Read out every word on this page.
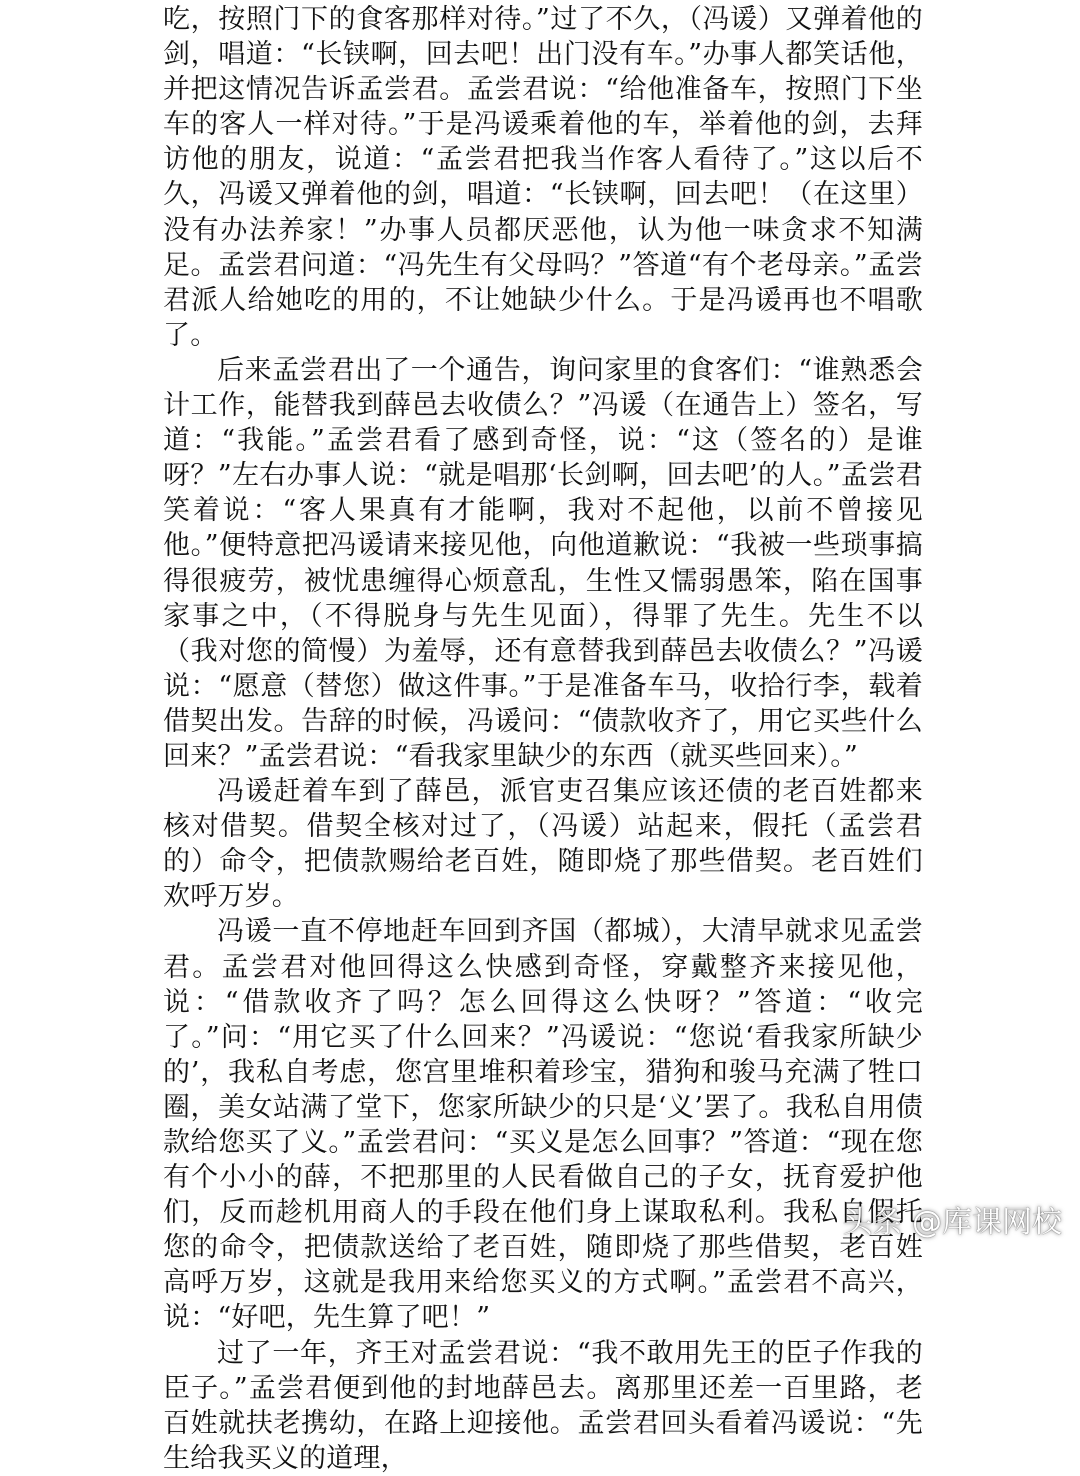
吃，按照门下的食客那样对待。”过了不久，（冯谖）又弹着他的剑，唱道：“长铗啊，回去吧！出门没有车。”办事人都笑话他，并把这情况告诉孟尝君。孟尝君说：“给他准备车，按照门下坐车的客人一样对待。”于是冯谖乘着他的车，举着他的剑，去拜访他的朋友，说道：“孟尝君把我当作客人看待了。”这以后不久，冯谖又弹着他的剑，唱道：“长铗啊，回去吧！（在这里）没有办法养家！”办事人员都厌恶他，认为他一味贪求不知满足。孟尝君问道：“冯先生有父母吗？”答道“有个老母亲。”孟尝君派人给她吃的用的，不让她缺少什么。于是冯谖再也不唱歌了。

后来孟尝君出了一个通告，询问家里的食客们：“谁熟悉会计工作，能替我到薛邑去收债么？”冯谖（在通告上）签名，写道：“我能。”孟尝君看了感到奇怪，说：“这（签名的）是谁呀？”左右办事人说：“就是唱那‘长剑啊，回去吧’的人。”孟尝君笑着说：“客人果真有才能啊，我对不起他，以前不曾接见他。”便特意把冯谖请来接见他，向他道歉说：“我被一些琐事搞得很疲劳，被忧患缠得心烦意乱，生性又懦弱愚笨，陷在国事家事之中，（不得脱身与先生见面），得罪了先生。先生不以（我对您的简慢）为羞辱，还有意替我到薛邑去收债么？”冯谖说：“愿意（替您）做这件事。”于是准备车马，收拾行李，载着借契出发。告辞的时候，冯谖问：“债款收齐了，用它买些什么回来？”孟尝君说：“看我家里缺少的东西（就买些回来）。”

冯谖赶着车到了薛邑，派官吏召集应该还债的老百姓都来核对借契。借契全核对过了，（冯谖）站起来，假托（孟尝君的）命令，把债款赐给老百姓，随即烧了那些借契。老百姓们欢呼万岁。

冯谖一直不停地赶车回到齐国（都城），大清早就求见孟尝君。孟尝君对他回得这么快感到奇怪，穿戴整齐来接见他，说：“借款收齐了吗？怎么回得这么快呀？”答道：“收完了。”问：“用它买了什么回来？”冯谖说：“您说‘看我家所缺少的’，我私自考虑，您宫里堆积着珍宝，猎狗和骏马充满了牲口圈，美女站满了堂下，您家所缺少的只是‘义’罢了。我私自用债款给您买了义。”孟尝君问：“买义是怎么回事？”答道：“现在您有个小小的薛，不把那里的人民看做自己的子女，抚育爱护他们，反而趁机用商人的手段在他们身上谋取私利。我私自假托您的命令，把债款送给了老百姓，随即烧了那些借契，老百姓高呼万岁，这就是我用来给您买义的方式啊。”孟尝君不高兴，说：“好吧，先生算了吧！”

过了一年，齐王对孟尝君说：“我不敢用先王的臣子作我的臣子。”孟尝君便到他的封地薛邑去。离那里还差一百里路，老百姓就扶老携幼，在路上迎接他。孟尝君回头看着冯谖说：“先生给我买义的道理，

头条 @库课网校
